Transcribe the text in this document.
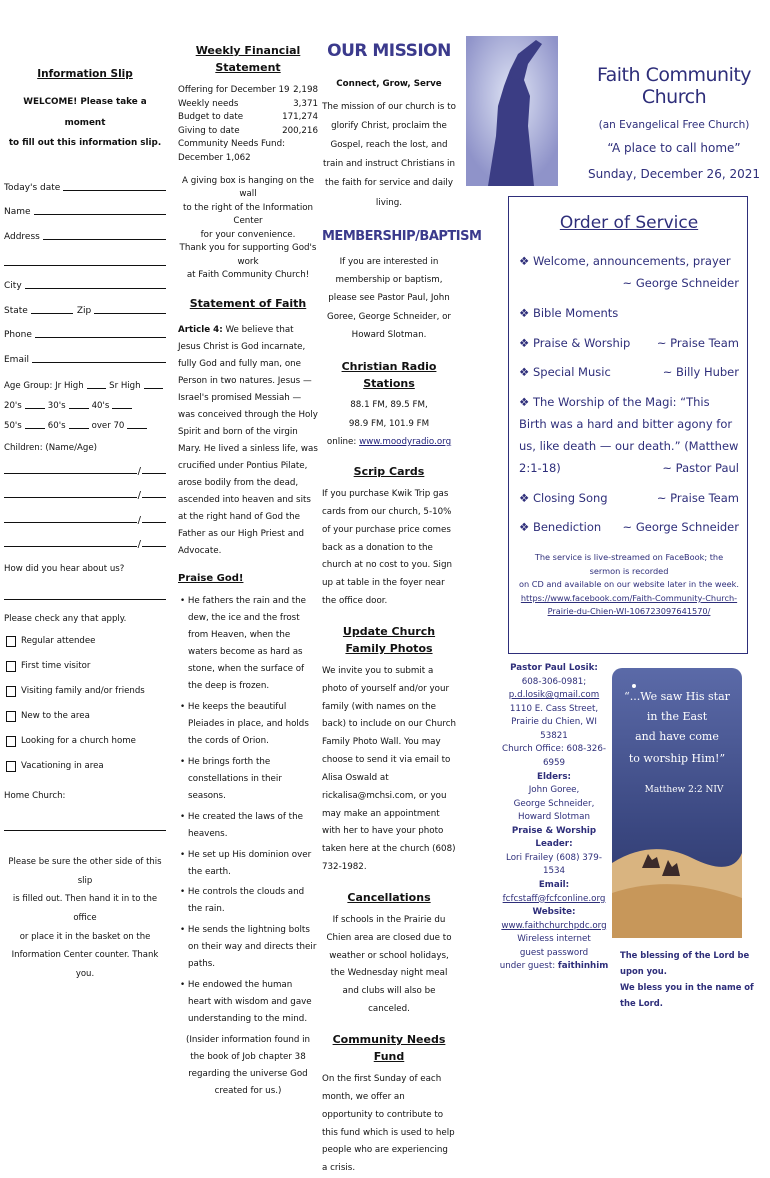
Information Slip
WELCOME! Please take a moment
to fill out this information slip.
Today's date
Name
Address
City
State	Zip
Phone
Email
Age Group: Jr High	Sr High
20's	30's	40's
50's	60's	over 70
Children: (Name/Age)
/
/
/
/
How did you hear about us?
Please check any that apply.
Regular attendee
First time visitor
Visiting family and/or friends
New to the area
Looking for a church home
Vacationing in area
Home Church:
Please be sure the other side of this slip
is filled out. Then hand it in to the office
or place it in the basket on the
Information Center counter. Thank you.
Weekly Financial Statement
Offering for December 19 2,198
Weekly needs	3,371
Budget to date	171,274
Giving to date	200,216
Community Needs Fund: December 1,062
A giving box is hanging on the wall
to the right of the Information Center
for your convenience.
Thank you for supporting God's work
at Faith Community Church!
Statement of Faith

Article 4: We believe that Jesus Christ is God incarnate, fully God and fully man, one Person in two natures. Jesus — Israel's promised Messiah — was conceived through the Holy Spirit and born of the virgin Mary. He lived a sinless life, was crucified under Pontius Pilate, arose bodily from the dead, ascended into heaven and sits at the right hand of God the Father as our High Priest and Advocate.

Praise God!
• He fathers the rain and the dew, the ice and the frost from Heaven, when the waters become as hard as stone, when the surface of the deep is frozen.
• He keeps the beautiful Pleiades in place, and holds the cords of Orion.
• He brings forth the constellations in their seasons.
• He created the laws of the heavens.
• He set up His dominion over the earth.
• He controls the clouds and the rain.
• He sends the lightning bolts on their way and directs their paths.
• He endowed the human heart with wisdom and gave understanding to the mind.

(Insider information found in the book of Job chapter 38 regarding the universe God created for us.)

OUR MISSION
Connect, Grow, Serve

The mission of our church is to glorify Christ, proclaim the Gospel, reach the lost, and train and instruct Christians in the faith for service and daily living.

MEMBERSHIP/BAPTISM

If you are interested in membership or baptism, please see Pastor Paul, John Goree, George Schneider, or Howard Slotman.

Christian Radio Stations
88.1 FM, 89.5 FM,
98.9 FM, 101.9 FM
online: www.moodyradio.org
Scrip Cards

If you purchase Kwik Trip gas cards from our church, 5-10% of your purchase price comes back as a donation to the church at no cost to you. Sign up at table in the foyer near the office door.

Update Church Family Photos

We invite you to submit a photo of yourself and/or your family (with names on the back) to include on our Church Family Photo Wall. You may choose to send it via email to Alisa Oswald at rickalisa@mchsi.com, or you may make an appointment with her to have your photo taken here at the church (608) 732-1982.

Cancellations

If schools in the Prairie du Chien area are closed due to weather or school holidays, the Wednesday night meal and clubs will also be canceled.

Community Needs Fund

On the first Sunday of each month, we offer an opportunity to contribute to this fund which is used to help people who are experiencing a crisis.

Faith Community Church
(an Evangelical Free Church)
“A place to call home”
Sunday, December 26, 2021
Order of Service
❖ Welcome, announcements, prayer
~ George Schneider
❖ Bible Moments
❖ Praise & Worship ~ Praise Team
❖ Special Music	~ Billy Huber
❖ The Worship of the Magi: “This Birth was a hard and bitter agony for us, like death — our death.” (Matthew 2:1-18)	~ Pastor Paul
❖ Closing Song	~ Praise Team
❖ Benediction ~ George Schneider
The service is live-streamed on FaceBook; the sermon is recorded
on CD and available on our website later in the week.
https://www.facebook.com/Faith-Community-Church-Prairie-du-Chien-WI-106723097641570/
Pastor Paul Losik:
608-306-0981;
p.d.losik@gmail.com
1110 E. Cass Street,
Prairie du Chien, WI 53821
Church Office: 608-326-6959
Elders:
John Goree,
George Schneider,
Howard Slotman
Praise & Worship Leader:
Lori Frailey (608) 379-1534
Email:
fcfcstaff@fcfconline.org
Website:
www.faithchurchpdc.org
Wireless internet
guest password
under guest: faithinhim
“...We saw His star
in the East
and have come
to worship Him!”
Matthew 2:2 NIV
The blessing of the Lord be upon you.
We bless you in the name of the Lord.
